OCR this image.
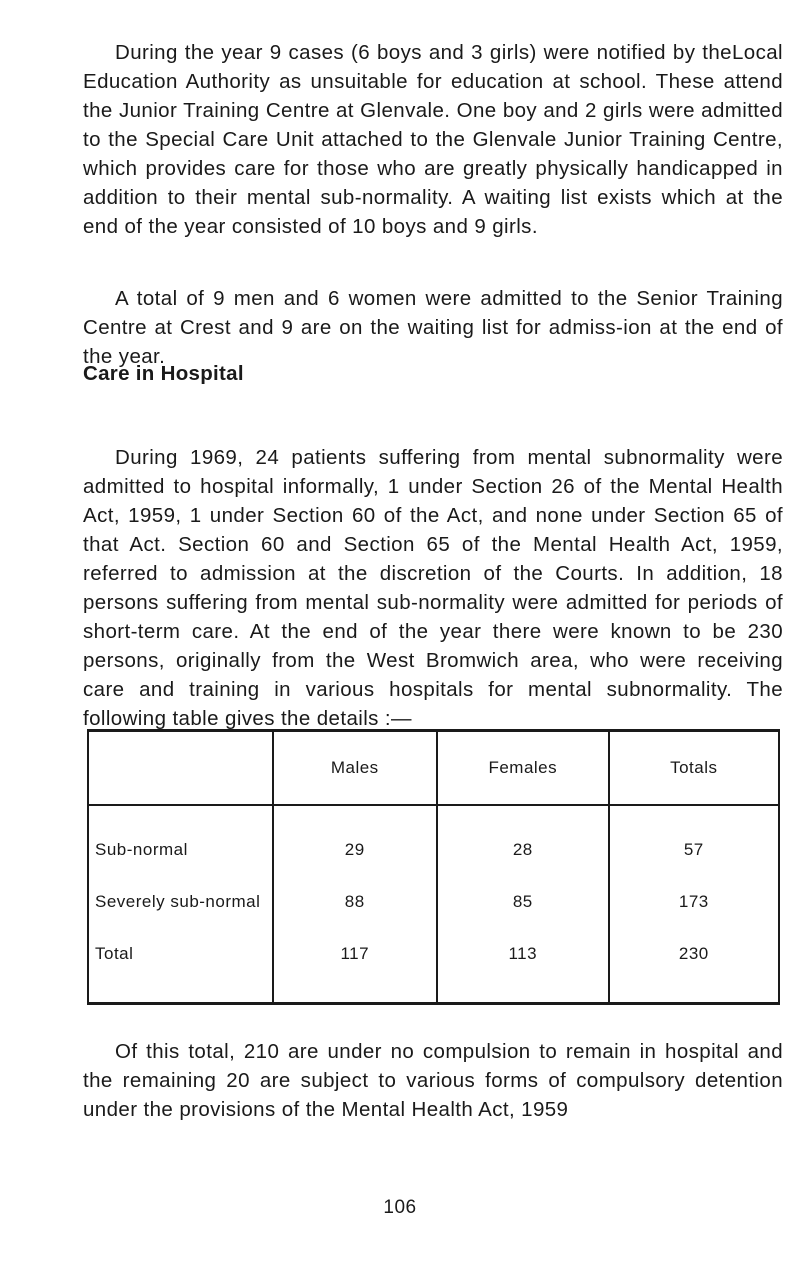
During the year 9 cases (6 boys and 3 girls) were notified by theLocal Education Authority as unsuitable for education at school. These attend the Junior Training Centre at Glenvale. One boy and 2 girls were admitted to the Special Care Unit attached to the Glenvale Junior Training Centre, which provides care for those who are greatly physically handicapped in addition to their mental sub-normality. A waiting list exists which at the end of the year consisted of 10 boys and 9 girls.

A total of 9 men and 6 women were admitted to the Senior Training Centre at Crest and 9 are on the waiting list for admiss-ion at the end of the year.

Care in Hospital

During 1969, 24 patients suffering from mental subnormality were admitted to hospital informally, 1 under Section 26 of the Mental Health Act, 1959, 1 under Section 60 of the Act, and none under Section 65 of that Act. Section 60 and Section 65 of the Mental Health Act, 1959, referred to admission at the discretion of the Courts. In addition, 18 persons suffering from mental sub-normality were admitted for periods of short-term care. At the end of the year there were known to be 230 persons, originally from the West Bromwich area, who were receiving care and training in various hospitals for mental subnormality. The following table gives the details :—

	Males	Females	Totals
Sub-normal	29	28	57
Severely sub-normal	88	85	173
Total	117	113	230

Of this total, 210 are under no compulsion to remain in hospital and the remaining 20 are subject to various forms of compulsory detention under the provisions of the Mental Health Act, 1959

106
